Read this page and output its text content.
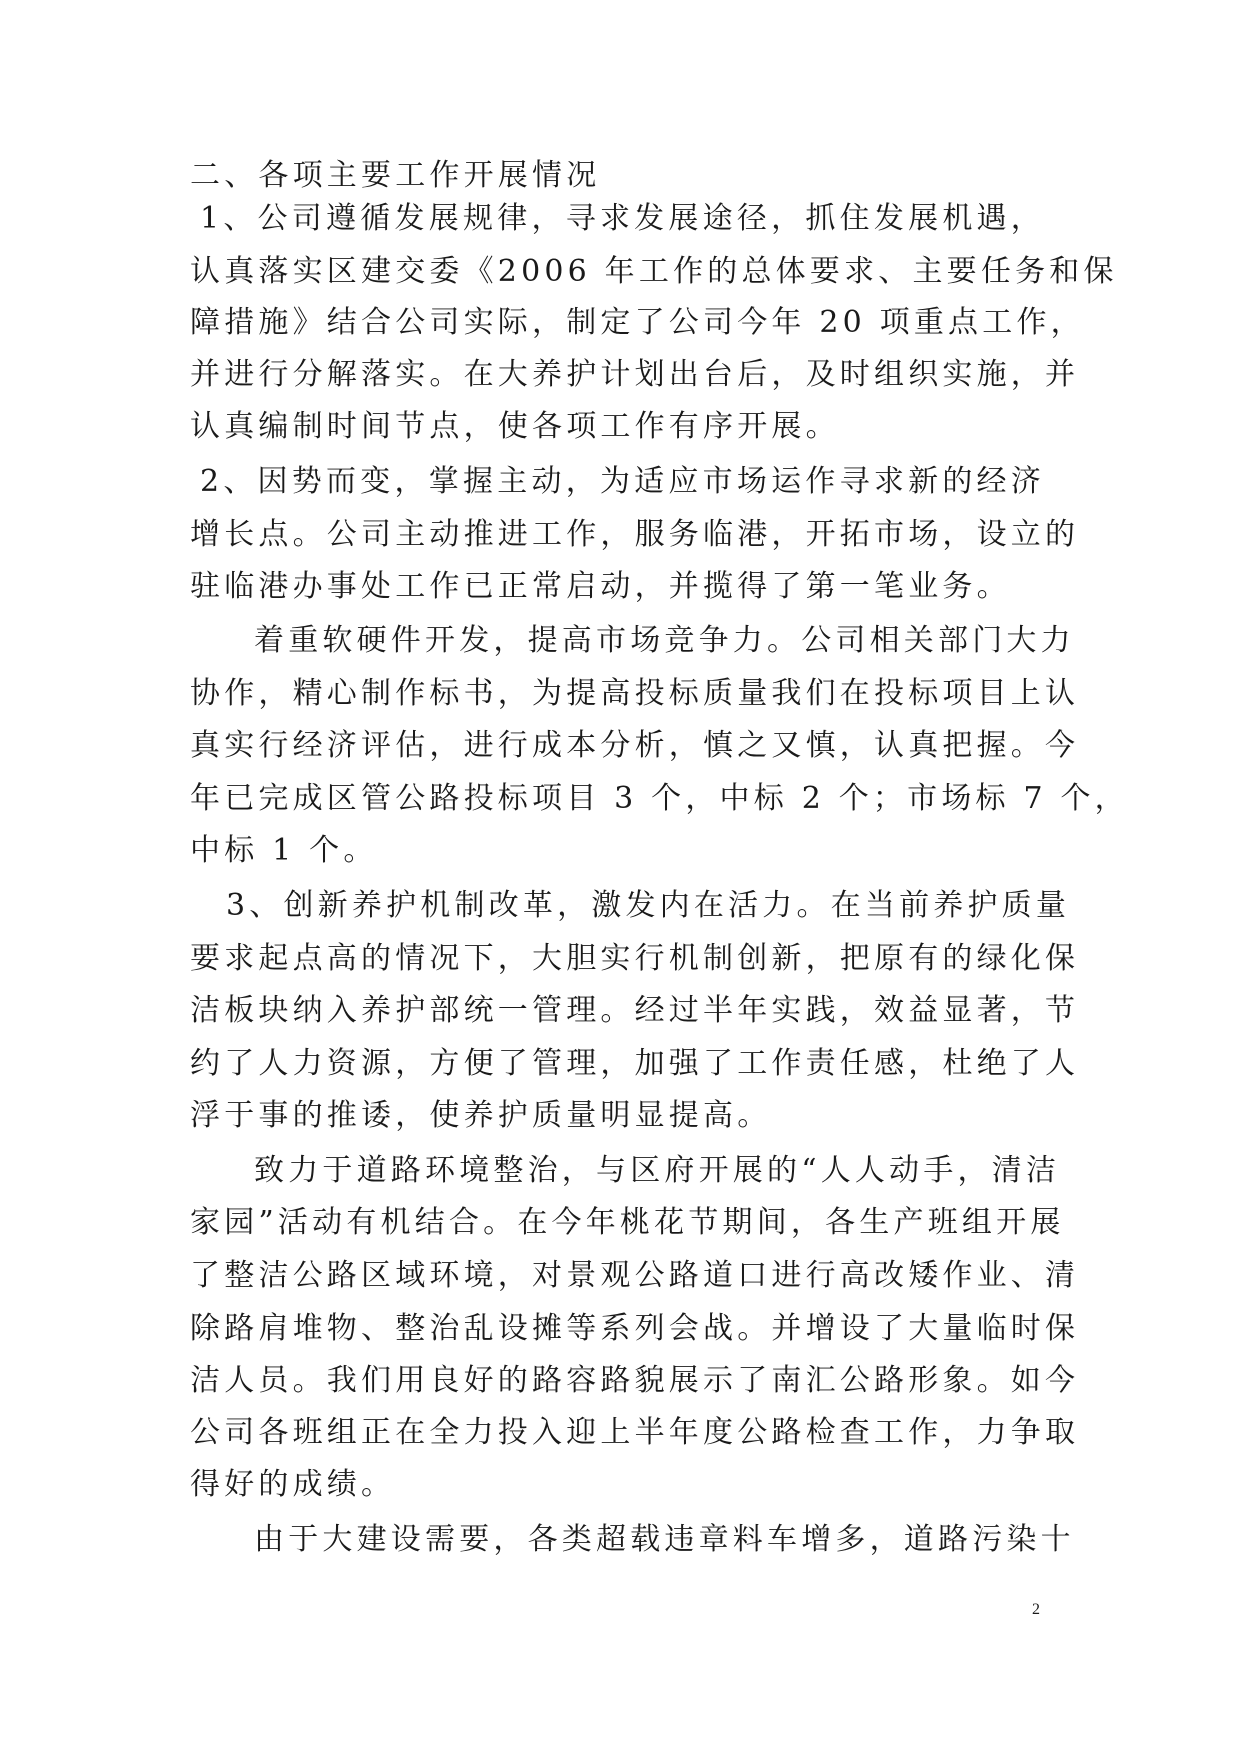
二、各项主要工作开展情况
1、公司遵循发展规律，寻求发展途径，抓住发展机遇，
认真落实区建交委《2006 年工作的总体要求、主要任务和保
障措施》结合公司实际，制定了公司今年 20 项重点工作，
并进行分解落实。在大养护计划出台后，及时组织实施，并
认真编制时间节点，使各项工作有序开展。
2、因势而变，掌握主动，为适应市场运作寻求新的经济
增长点。公司主动推进工作，服务临港，开拓市场，设立的
驻临港办事处工作已正常启动，并揽得了第一笔业务。
着重软硬件开发，提高市场竞争力。公司相关部门大力
协作，精心制作标书，为提高投标质量我们在投标项目上认
真实行经济评估，进行成本分析，慎之又慎，认真把握。今
年已完成区管公路投标项目 3 个，中标 2 个；市场标 7 个，
中标 1 个。
3、创新养护机制改革，激发内在活力。在当前养护质量
要求起点高的情况下，大胆实行机制创新，把原有的绿化保
洁板块纳入养护部统一管理。经过半年实践，效益显著，节
约了人力资源，方便了管理，加强了工作责任感，杜绝了人
浮于事的推诿，使养护质量明显提高。
致力于道路环境整治，与区府开展的“人人动手，清洁
家园”活动有机结合。在今年桃花节期间，各生产班组开展
了整洁公路区域环境，对景观公路道口进行高改矮作业、清
除路肩堆物、整治乱设摊等系列会战。并增设了大量临时保
洁人员。我们用良好的路容路貌展示了南汇公路形象。如今
公司各班组正在全力投入迎上半年度公路检查工作，力争取
得好的成绩。
由于大建设需要，各类超载违章料车增多，道路污染十
2
